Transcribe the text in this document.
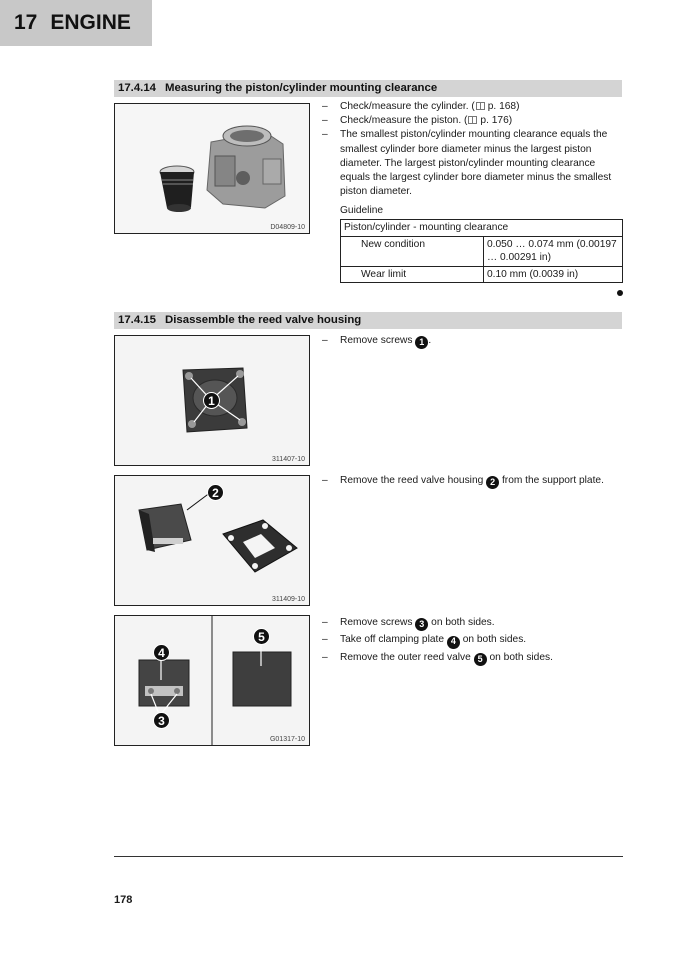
17 ENGINE
17.4.14 Measuring the piston/cylinder mounting clearance
D04809-10
– Check/measure the cylinder. ( p. 168)
– Check/measure the piston. ( p. 176)
– The smallest piston/cylinder mounting clearance equals the smallest cylinder bore diameter minus the largest piston diameter. The largest piston/cylinder mounting clearance equals the largest cylinder bore diameter minus the smallest piston diameter.
Guideline
Piston/cylinder - mounting clearance	
New condition	0.050 … 0.074 mm (0.00197 … 0.00291 in)
Wear limit	0.10 mm (0.0039 in)
17.4.15 Disassemble the reed valve housing
1
311407-10
2
311409-10
4
3
5
G01317-10
– Remove screws 1 .
– Remove the reed valve housing 2 from the support plate.
– Remove screws 3 on both sides.
– Take off clamping plate 4 on both sides.
– Remove the outer reed valve 5 on both sides.
178
